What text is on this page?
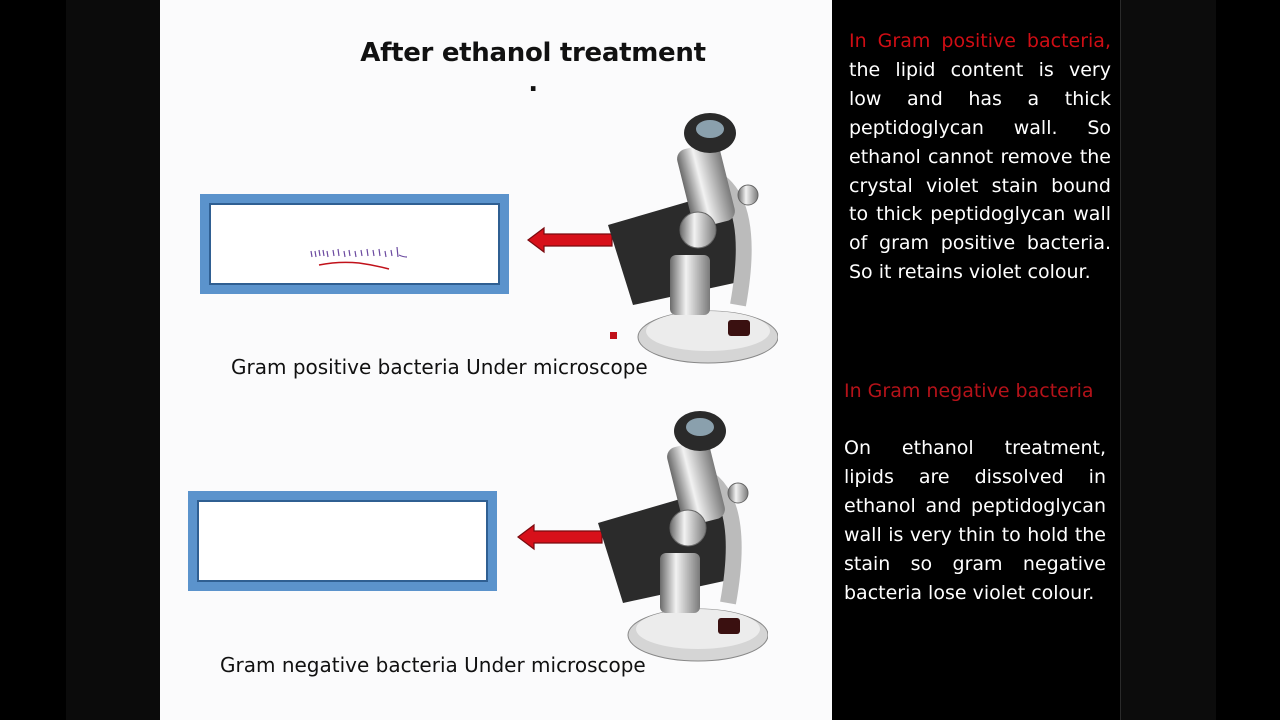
After ethanol treatment .
Gram positive bacteria Under microscope
Gram negative bacteria Under microscope

In Gram positive bacteria, the lipid content is very low and has a thick peptidoglycan wall. So ethanol cannot remove the crystal violet stain bound to thick peptidoglycan wall of gram positive bacteria. So it retains violet colour.

In Gram negative bacteria

On ethanol treatment, lipids are dissolved in ethanol and peptidoglycan wall is very thin to hold the stain so gram negative bacteria lose violet colour.
